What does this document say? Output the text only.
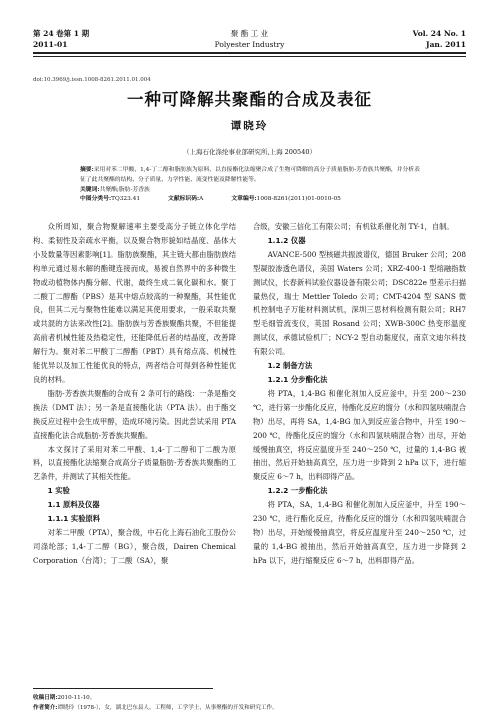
第 24 卷第 1 期	聚 酯 工 业	Vol. 24 No. 1
2011-01	Polyester Industry	Jan. 2011
doi:10.3969/j.issn.1008-8261.2011.01.004
一种可降解共聚酯的合成及表征
谭晓玲
（上海石化涤纶事业部研究所,上海 200540）
摘要:采用对苯二甲酸、1,4-丁二醇和脂肪族为原料，以直接酯化法缩聚合成了生物可降解的高分子质量脂肪-芳香族共聚酯，并分析表征了此共聚酯的结构、分子质量、力学性能、流变性能及降解性能等。
关键词:共聚酯;脂肪-芳香族
中图分类号:TQ323.41	文献标识码:A	文章编号:1008-8261(2011)01-0010-05

众所周知，聚合物聚解速率主要受高分子链立体化学结构、柔韧性及亲疏水平衡，以及聚合物形貌如结晶度、晶体大小及数量等因素影响[1]。脂肪族聚酯，其主链大都由脂肪族结构单元通过易水解的酯键连接而成，易被自然界中的多种微生物或动植物体内酶分解、代谢，最终生成二氧化碳和水。聚丁二酸丁二醇酯（PBS）是其中熔点较高的一种聚酯，其性能优良，但其二元与聚物性能难以满足其使用要求，一般采取共聚或共混的方法来改性[2]。脂肪族与芳香族聚酯共聚，不但能提高前者机械性能及热稳定性，还能降低后者的结晶度，改善降解行为。聚对苯二甲酸丁二醇酯（PBT）具有熔点高、机械性能优异以及加工性能优良的特点，两者结合可得到各种性能优良的材料。

脂肪-芳香族共聚酯的合成有 2 条可行的路线：一条是酯交换法（DMT 法）；另一条是直接酯化法（PTA 法）。由于酯交换反应过程中会生成甲醇，造成环境污染。因此尝试采用 PTA 直接酯化法合成脂肪-芳香族共聚酯。

本文探讨了采用对苯二甲酸、1,4-丁二醇和丁二酸为原料，以直接酯化法缩聚合成高分子质量脂肪-芳香族共聚酯的工艺条件，并测试了其相关性能。

1 实验

1.1 原料及仪器

1.1.1 实验原料

对苯二甲酸（PTA），聚合级，中石化上海石油化工股份公司涤纶部；1,4-丁二醇（BG），聚合级，Dairen Chemical Corporation（台湾）；丁二酸（SA），聚

合级，安徽三信化工有限公司；有机钛系催化剂 TY-1，自制。

1.1.2 仪器

AVANCE-500 型核磁共振波谱仪，德国 Bruker 公司；208 型凝胶渗透色谱仪，美国 Waters 公司；XRZ-400-1 型熔融指数测试仪，长春新科试验仪器设备有限公司；DSC822e 型差示扫描量热仪，瑞士 Mettler Toledo 公司；CMT-4204 型 SANS 微机控制电子万能材料测试机，深圳三思材料检测有限公司；RH7 型毛细管流变仪，英国 Rosand 公司；XWB-300C 热变形温度测试仪，承德试验机厂；NCY-2 型自动黏度仪，南京文迪尔科技有限公司。

1.2 制备方法

1.2.1 分步酯化法

将 PTA，1,4-BG 和催化剂加入反应釜中，升至 200～230 ℃，进行第一步酯化反应，待酯化反应的馏分（水和四氢呋喃混合物）出尽，再将 SA，1,4-BG 加入到反应釜合物中，升至 190～200 ℃，待酯化反应的馏分（水和四氢呋喃混合物）出尽，开始缓慢抽真空，将反应温度升至 240～250 ℃，过量的 1,4-BG 被抽出，然后开始抽高真空，压力进一步降到 2 hPa 以下，进行缩聚反应 6～7 h，出料即得产品。

1.2.2 一步酯化法

将 PTA，SA，1,4-BG 和催化剂加入反应釜中，升至 190～230 ℃，进行酯化反应，待酯化反应的馏分（水和四氢呋喃混合物）出尽，开始缓慢抽真空，将反应温度升至 240～250 ℃，过量的 1,4-BG 被抽出，然后开始抽高真空，压力进一步降到 2 hPa 以下，进行缩聚反应 6～7 h，出料即得产品。

收稿日期:2010-11-10。
作者简介:谭晓玲（1978-），女，湖北巴东县人，工程师，工学学士，从事聚酯的开发和研究工作。
